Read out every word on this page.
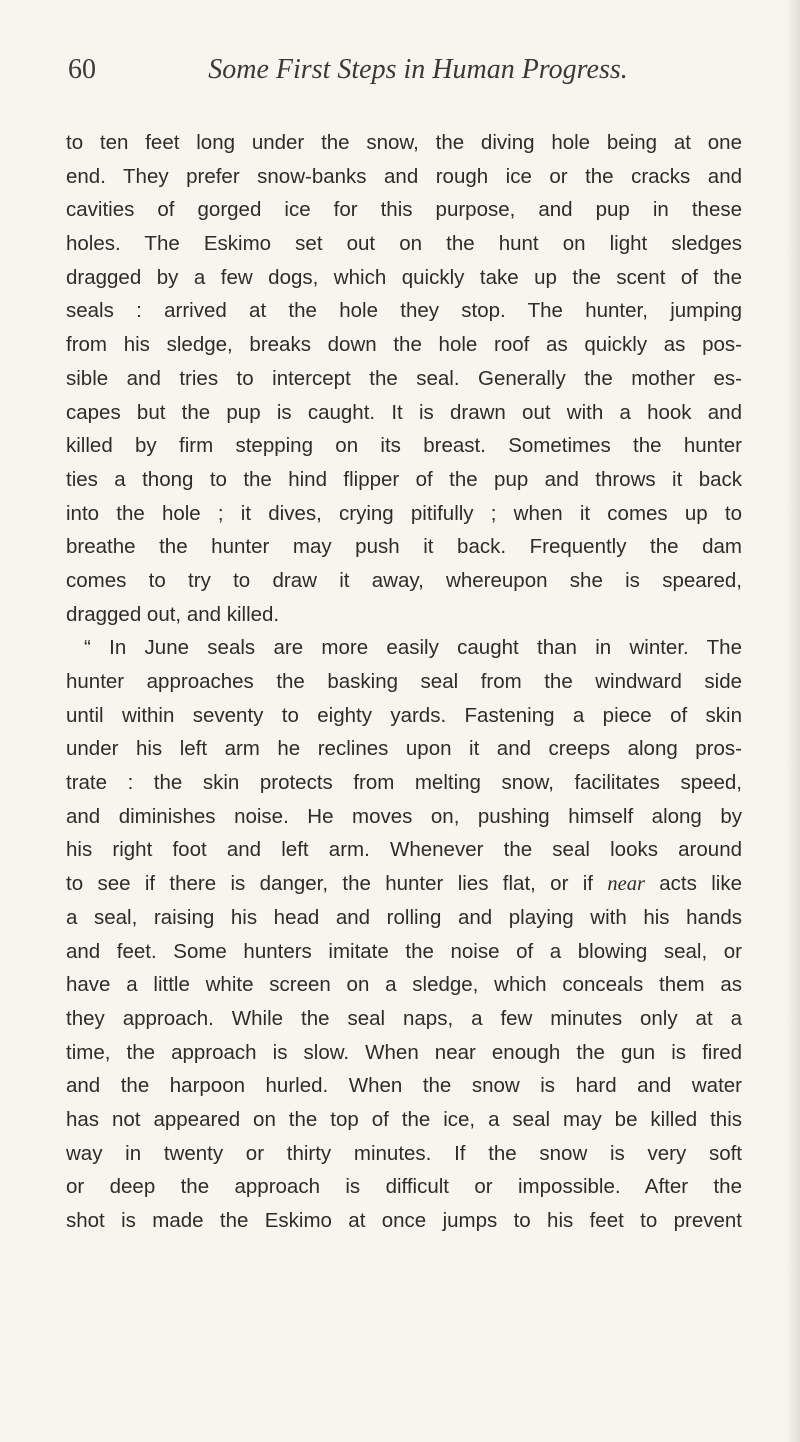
60	Some First Steps in Human Progress.
to ten feet long under the snow, the diving hole being at one
end. They prefer snow-banks and rough ice or the cracks and
cavities of gorged ice for this purpose, and pup in these
holes. The Eskimo set out on the hunt on light sledges
dragged by a few dogs, which quickly take up the scent of the
seals : arrived at the hole they stop. The hunter, jumping
from his sledge, breaks down the hole roof as quickly as pos-
sible and tries to intercept the seal. Generally the mother es-
capes but the pup is caught. It is drawn out with a hook and
killed by firm stepping on its breast. Sometimes the hunter
ties a thong to the hind flipper of the pup and throws it back
into the hole ; it dives, crying pitifully ; when it comes up to
breathe the hunter may push it back. Frequently the dam
comes to try to draw it away, whereupon she is speared,
dragged out, and killed.
“ In June seals are more easily caught than in winter. The
hunter approaches the basking seal from the windward side
until within seventy to eighty yards. Fastening a piece of skin
under his left arm he reclines upon it and creeps along pros-
trate : the skin protects from melting snow, facilitates speed,
and diminishes noise. He moves on, pushing himself along by
his right foot and left arm. Whenever the seal looks around
to see if there is danger, the hunter lies flat, or if near acts like
a seal, raising his head and rolling and playing with his hands
and feet. Some hunters imitate the noise of a blowing seal, or
have a little white screen on a sledge, which conceals them as
they approach. While the seal naps, a few minutes only at a
time, the approach is slow. When near enough the gun is fired
and the harpoon hurled. When the snow is hard and water
has not appeared on the top of the ice, a seal may be killed this
way in twenty or thirty minutes. If the snow is very soft
or deep the approach is difficult or impossible. After the
shot is made the Eskimo at once jumps to his feet to prevent
